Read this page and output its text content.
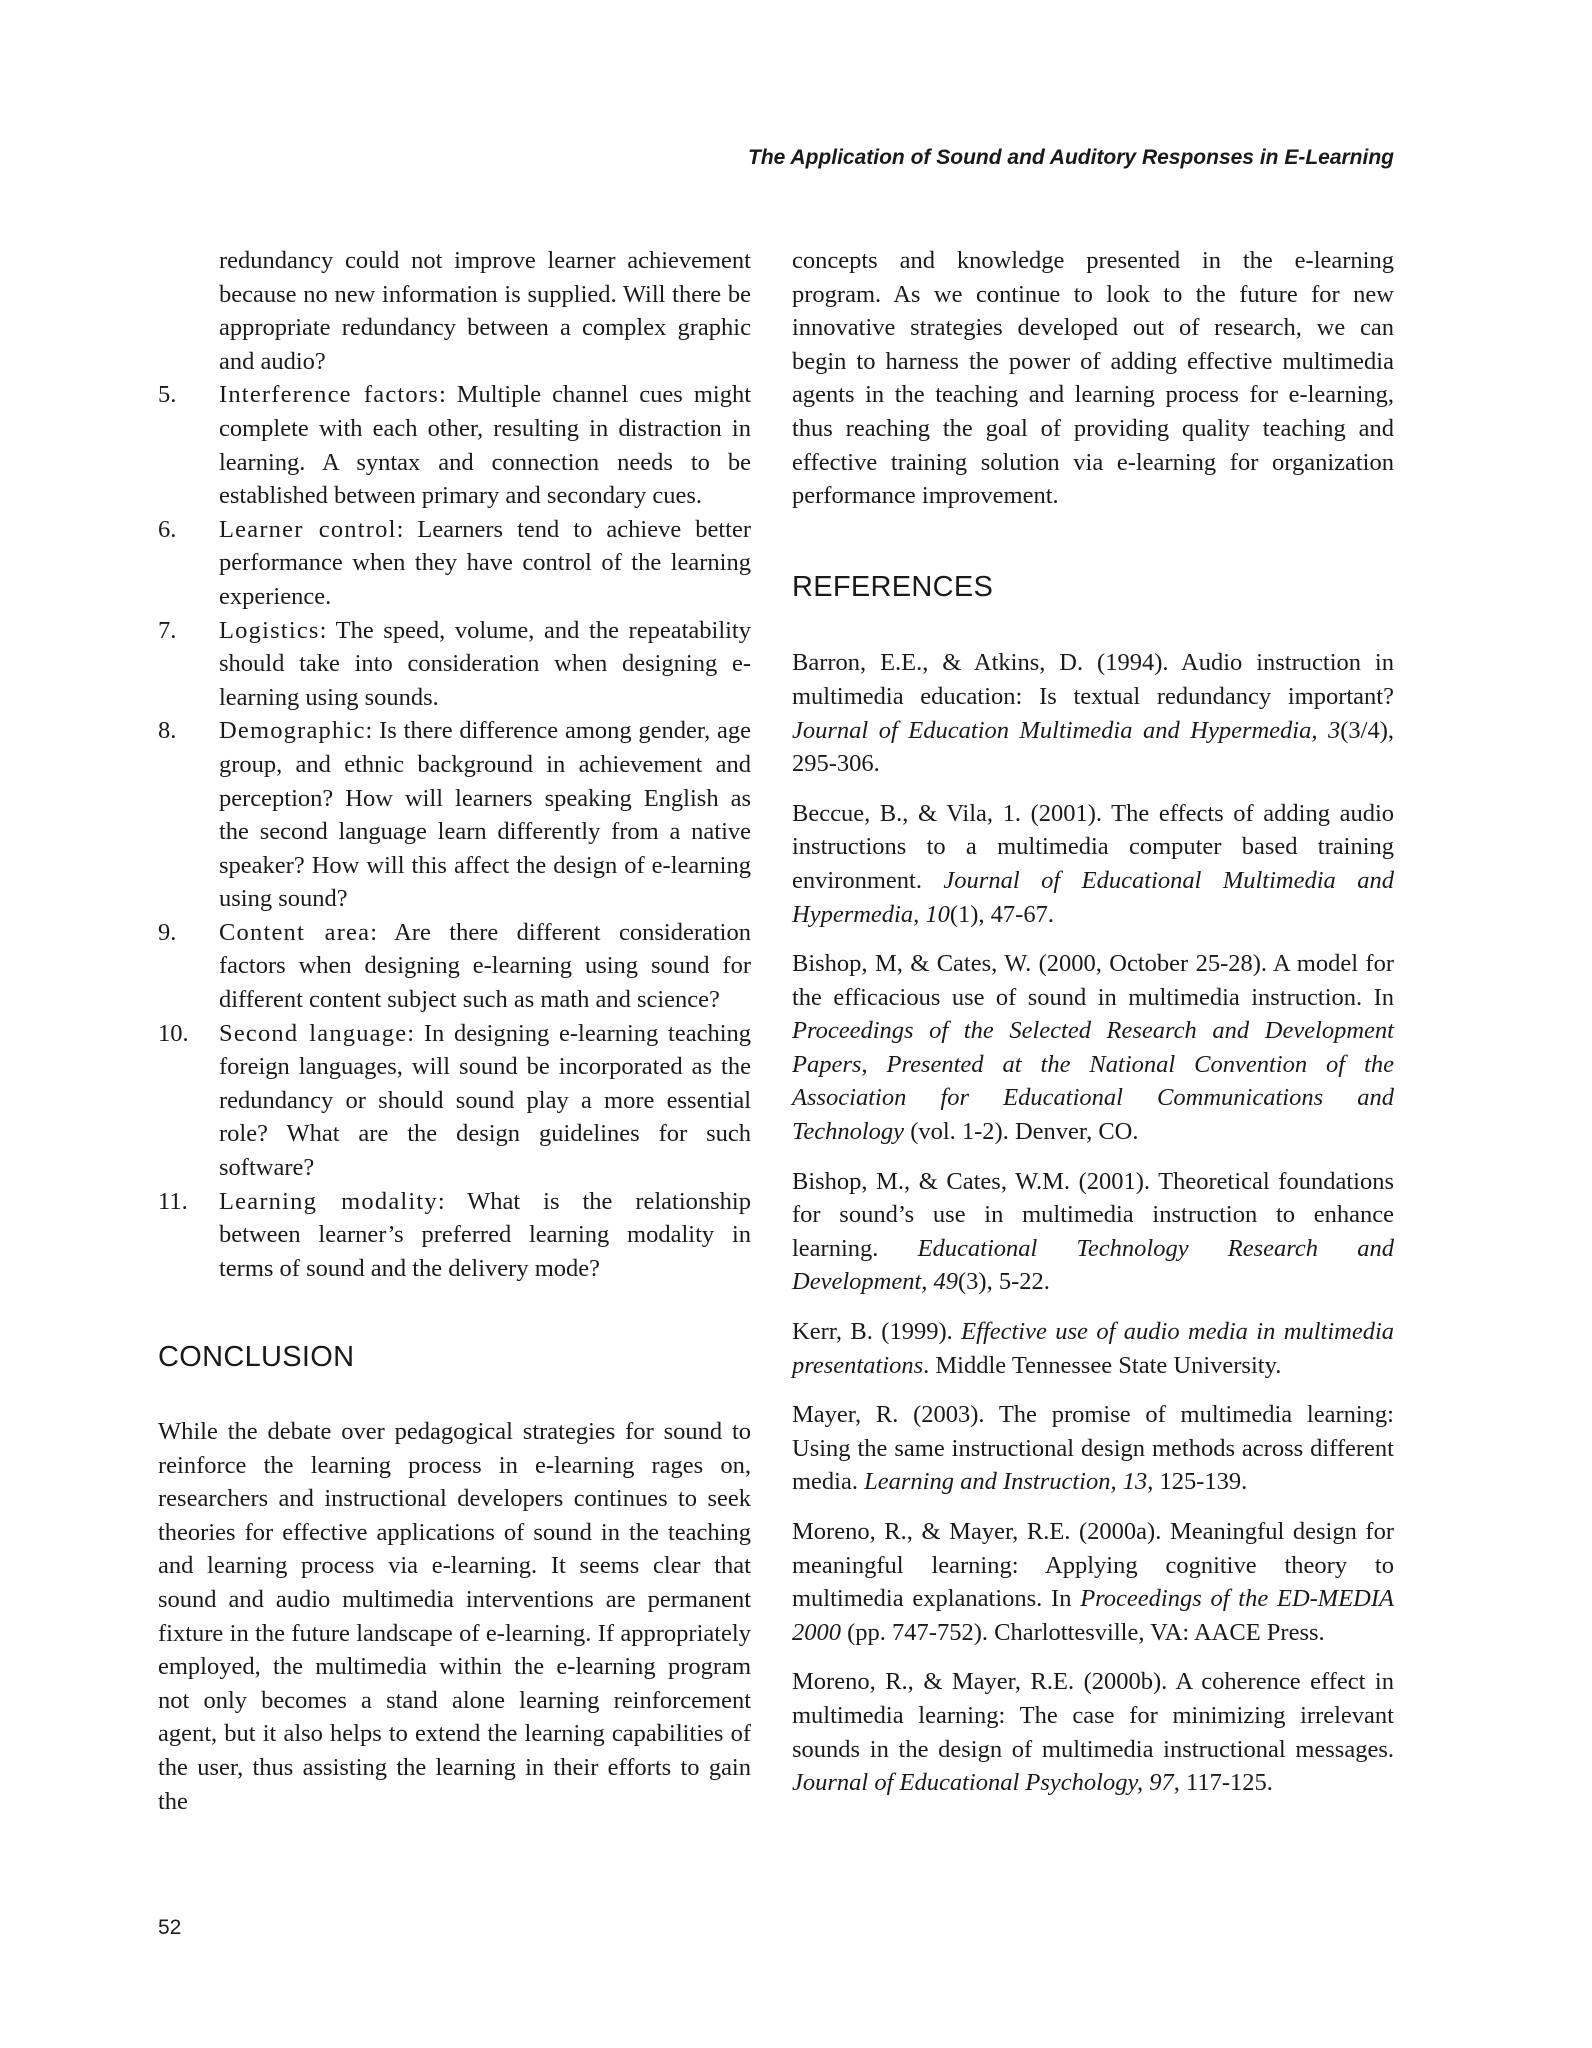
The Application of Sound and Auditory Responses in E-Learning

redundancy could not improve learner achievement because no new information is supplied. Will there be appropriate redundancy between a complex graphic and audio?

5. Interference factors: Multiple channel cues might complete with each other, resulting in distraction in learning. A syntax and connection needs to be established between primary and secondary cues.

6. Learner control: Learners tend to achieve better performance when they have control of the learning experience.

7. Logistics: The speed, volume, and the repeatability should take into consideration when designing e-learning using sounds.

8. Demographic: Is there difference among gender, age group, and ethnic background in achievement and perception? How will learners speaking English as the second language learn differently from a native speaker? How will this affect the design of e-learning using sound?

9. Content area: Are there different consideration factors when designing e-learning using sound for different content subject such as math and science?

10. Second language: In designing e-learning teaching foreign languages, will sound be incorporated as the redundancy or should sound play a more essential role? What are the design guidelines for such software?

11. Learning modality: What is the relationship between learner’s preferred learning modality in terms of sound and the delivery mode?

CONCLUSION

While the debate over pedagogical strategies for sound to reinforce the learning process in e-learning rages on, researchers and instructional developers continues to seek theories for effective applications of sound in the teaching and learning process via e-learning. It seems clear that sound and audio multimedia interventions are permanent fixture in the future landscape of e-learning. If appropriately employed, the multimedia within the e-learning program not only becomes a stand alone learning reinforcement agent, but it also helps to extend the learning capabilities of the user, thus assisting the learning in their efforts to gain the

concepts and knowledge presented in the e-learning program. As we continue to look to the future for new innovative strategies developed out of research, we can begin to harness the power of adding effective multimedia agents in the teaching and learning process for e-learning, thus reaching the goal of providing quality teaching and effective training solution via e-learning for organization performance improvement.

REFERENCES

Barron, E.E., & Atkins, D. (1994). Audio instruction in multimedia education: Is textual redundancy important? Journal of Education Multimedia and Hypermedia, 3(3/4), 295-306.

Beccue, B., & Vila, 1. (2001). The effects of adding audio instructions to a multimedia computer based training environment. Journal of Educational Multimedia and Hypermedia, 10(1), 47-67.

Bishop, M, & Cates, W. (2000, October 25-28). A model for the efficacious use of sound in multimedia instruction. In Proceedings of the Selected Research and Development Papers, Presented at the National Convention of the Association for Educational Communications and Technology (vol. 1-2). Denver, CO.

Bishop, M., & Cates, W.M. (2001). Theoretical foundations for sound’s use in multimedia instruction to enhance learning. Educational Technology Research and Development, 49(3), 5-22.

Kerr, B. (1999). Effective use of audio media in multimedia presentations. Middle Tennessee State University.

Mayer, R. (2003). The promise of multimedia learning: Using the same instructional design methods across different media. Learning and Instruction, 13, 125-139.

Moreno, R., & Mayer, R.E. (2000a). Meaningful design for meaningful learning: Applying cognitive theory to multimedia explanations. In Proceedings of the ED-MEDIA 2000 (pp. 747-752). Charlottesville, VA: AACE Press.

Moreno, R., & Mayer, R.E. (2000b). A coherence effect in multimedia learning: The case for minimizing irrelevant sounds in the design of multimedia instructional messages. Journal of Educational Psychology, 97, 117-125.

52
